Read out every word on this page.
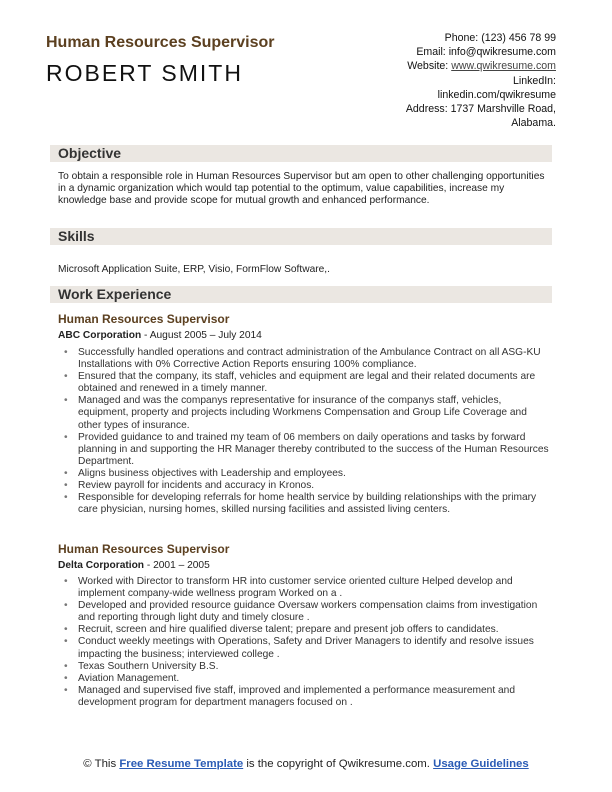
Human Resources Supervisor
ROBERT SMITH
Phone: (123) 456 78 99
Email: info@qwikresume.com
Website: www.qwikresume.com
LinkedIn:
linkedin.com/qwikresume
Address: 1737 Marshville Road,
Alabama.
Objective
To obtain a responsible role in Human Resources Supervisor but am open to other challenging opportunities in a dynamic organization which would tap potential to the optimum, value capabilities, increase my knowledge base and provide scope for mutual growth and enhanced performance.
Skills
Microsoft Application Suite, ERP, Visio, FormFlow Software,.
Work Experience
Human Resources Supervisor
ABC Corporation - August 2005 – July 2014
• Successfully handled operations and contract administration of the Ambulance Contract on all ASG-KU Installations with 0% Corrective Action Reports ensuring 100% compliance.
• Ensured that the company, its staff, vehicles and equipment are legal and their related documents are obtained and renewed in a timely manner.
• Managed and was the companys representative for insurance of the companys staff, vehicles, equipment, property and projects including Workmens Compensation and Group Life Coverage and other types of insurance.
• Provided guidance to and trained my team of 06 members on daily operations and tasks by forward planning in and supporting the HR Manager thereby contributed to the success of the Human Resources Department.
• Aligns business objectives with Leadership and employees.
• Review payroll for incidents and accuracy in Kronos.
• Responsible for developing referrals for home health service by building relationships with the primary care physician, nursing homes, skilled nursing facilities and assisted living centers.
Human Resources Supervisor
Delta Corporation - 2001 – 2005
• Worked with Director to transform HR into customer service oriented culture Helped develop and implement company-wide wellness program Worked on a .
• Developed and provided resource guidance Oversaw workers compensation claims from investigation and reporting through light duty and timely closure .
• Recruit, screen and hire qualified diverse talent; prepare and present job offers to candidates.
• Conduct weekly meetings with Operations, Safety and Driver Managers to identify and resolve issues impacting the business; interviewed college .
• Texas Southern University B.S.
• Aviation Management.
• Managed and supervised five staff, improved and implemented a performance measurement and development program for department managers focused on .
© This Free Resume Template is the copyright of Qwikresume.com. Usage Guidelines
